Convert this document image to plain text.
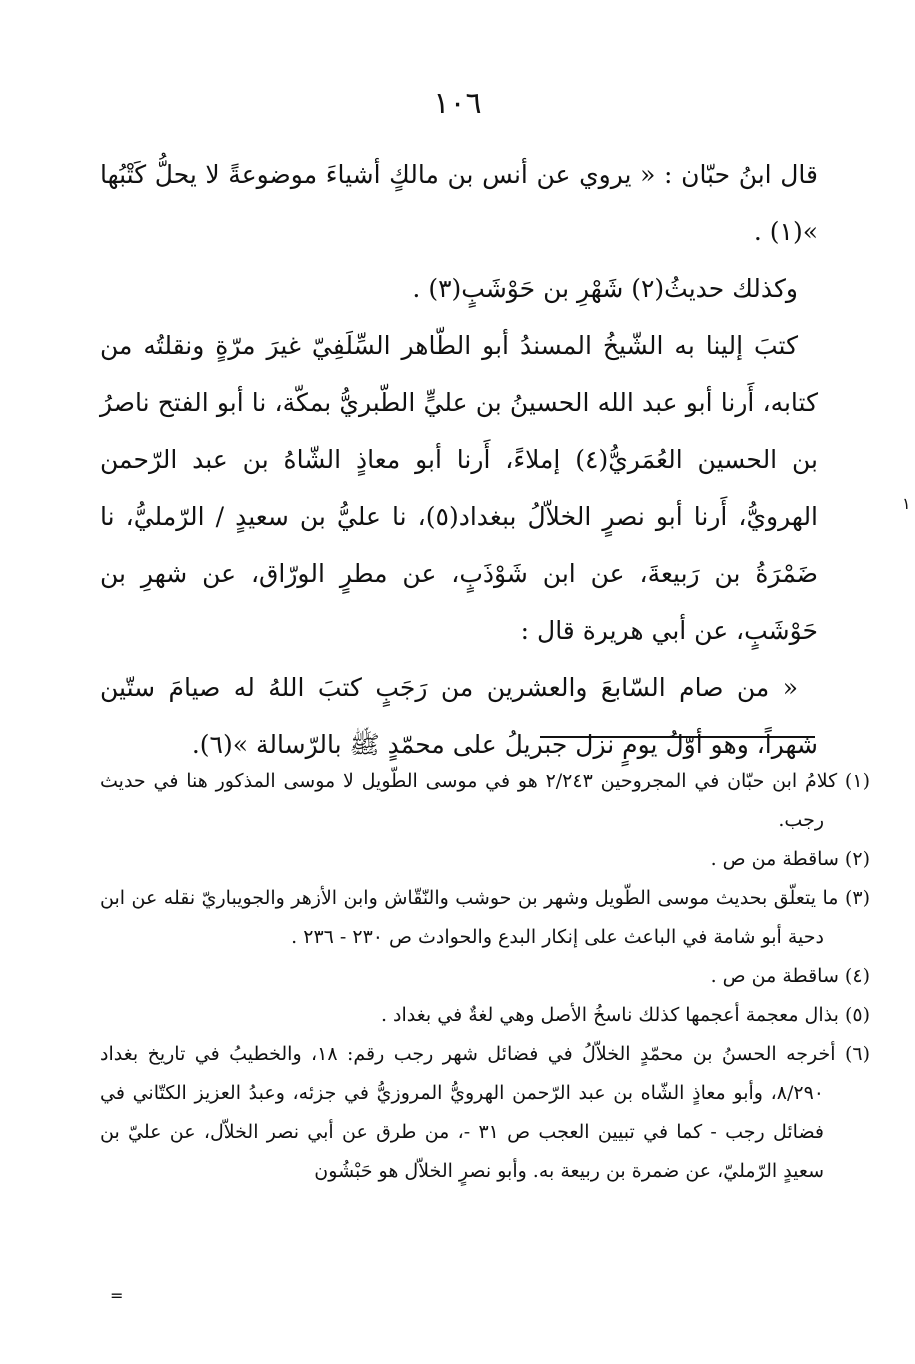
١٠٦

قال ابنُ حبّان : « يروي عن أنس بن مالكٍ أشياءَ موضوعةً لا يحلُّ كَتْبُها »(١) .

وكذلك حديثُ(٢) شَهْرِ بن حَوْشَبٍ(٣) .

كتبَ إلينا به الشّيخُ المسندُ أبو الطّاهر السِّلَفِيّ غيرَ مرّةٍ ونقلتُه من كتابه، أَرنا أبو عبد الله الحسينُ بن عليٍّ الطّبريُّ بمكّة، نا أبو الفتح ناصرُ بن الحسين العُمَريُّ(٤) إملاءً، أَرنا أبو معاذٍ الشّاهُ بن عبد الرّحمن الهرويُّ، أَرنا أبو نصرٍ الخلاّلُ ببغداد(٥)، نا عليُّ بن سعيدٍ / الرّمليُّ، نا ضَمْرَةُ بن رَبيعةَ، عن ابن شَوْذَبٍ، عن مطرٍ الورّاق، عن شهرِ بن حَوْشَبٍ، عن أبي هريرة قال :

« من صام السّابعَ والعشرين من رَجَبٍ كتبَ اللهُ له صيامَ ستّين شهراً، وهو أوّلُ يومٍ نزل جبريلُ على محمّدٍ ﷺ بالرّسالة »(٦).

١

(١) كلامُ ابن حبّان في المجروحين ٢/٢٤٣ هو في موسى الطّويل لا موسى المذكور هنا في حديث رجب.

(٢) ساقطة من ص .

(٣) ما يتعلّق بحديث موسى الطّويل وشهر بن حوشب والنّقّاش وابن الأزهر والجويباريّ نقله عن ابن دحية أبو شامة في الباعث على إنكار البدع والحوادث ص ٢٣٠ - ٢٣٦ .

(٤) ساقطة من ص .

(٥) بذال معجمة أعجمها كذلك ناسخُ الأصل وهي لغةٌ في بغداد .

(٦) أخرجه الحسنُ بن محمّدٍ الخلاّلُ في فضائل شهر رجب رقم: ١٨، والخطيبُ في تاريخ بغداد ٨/٢٩٠، وأبو معاذٍ الشّاه بن عبد الرّحمن الهرويُّ المروزيُّ في جزئه، وعبدُ العزيز الكتّاني في فضائل رجب - كما في تبيين العجب ص ٣١ -، من طرق عن أبي نصر الخلاّل، عن عليّ بن سعيدٍ الرّمليّ، عن ضمرة بن ربيعة به. وأبو نصرٍ الخلاّل هو حَبْشُون

=
